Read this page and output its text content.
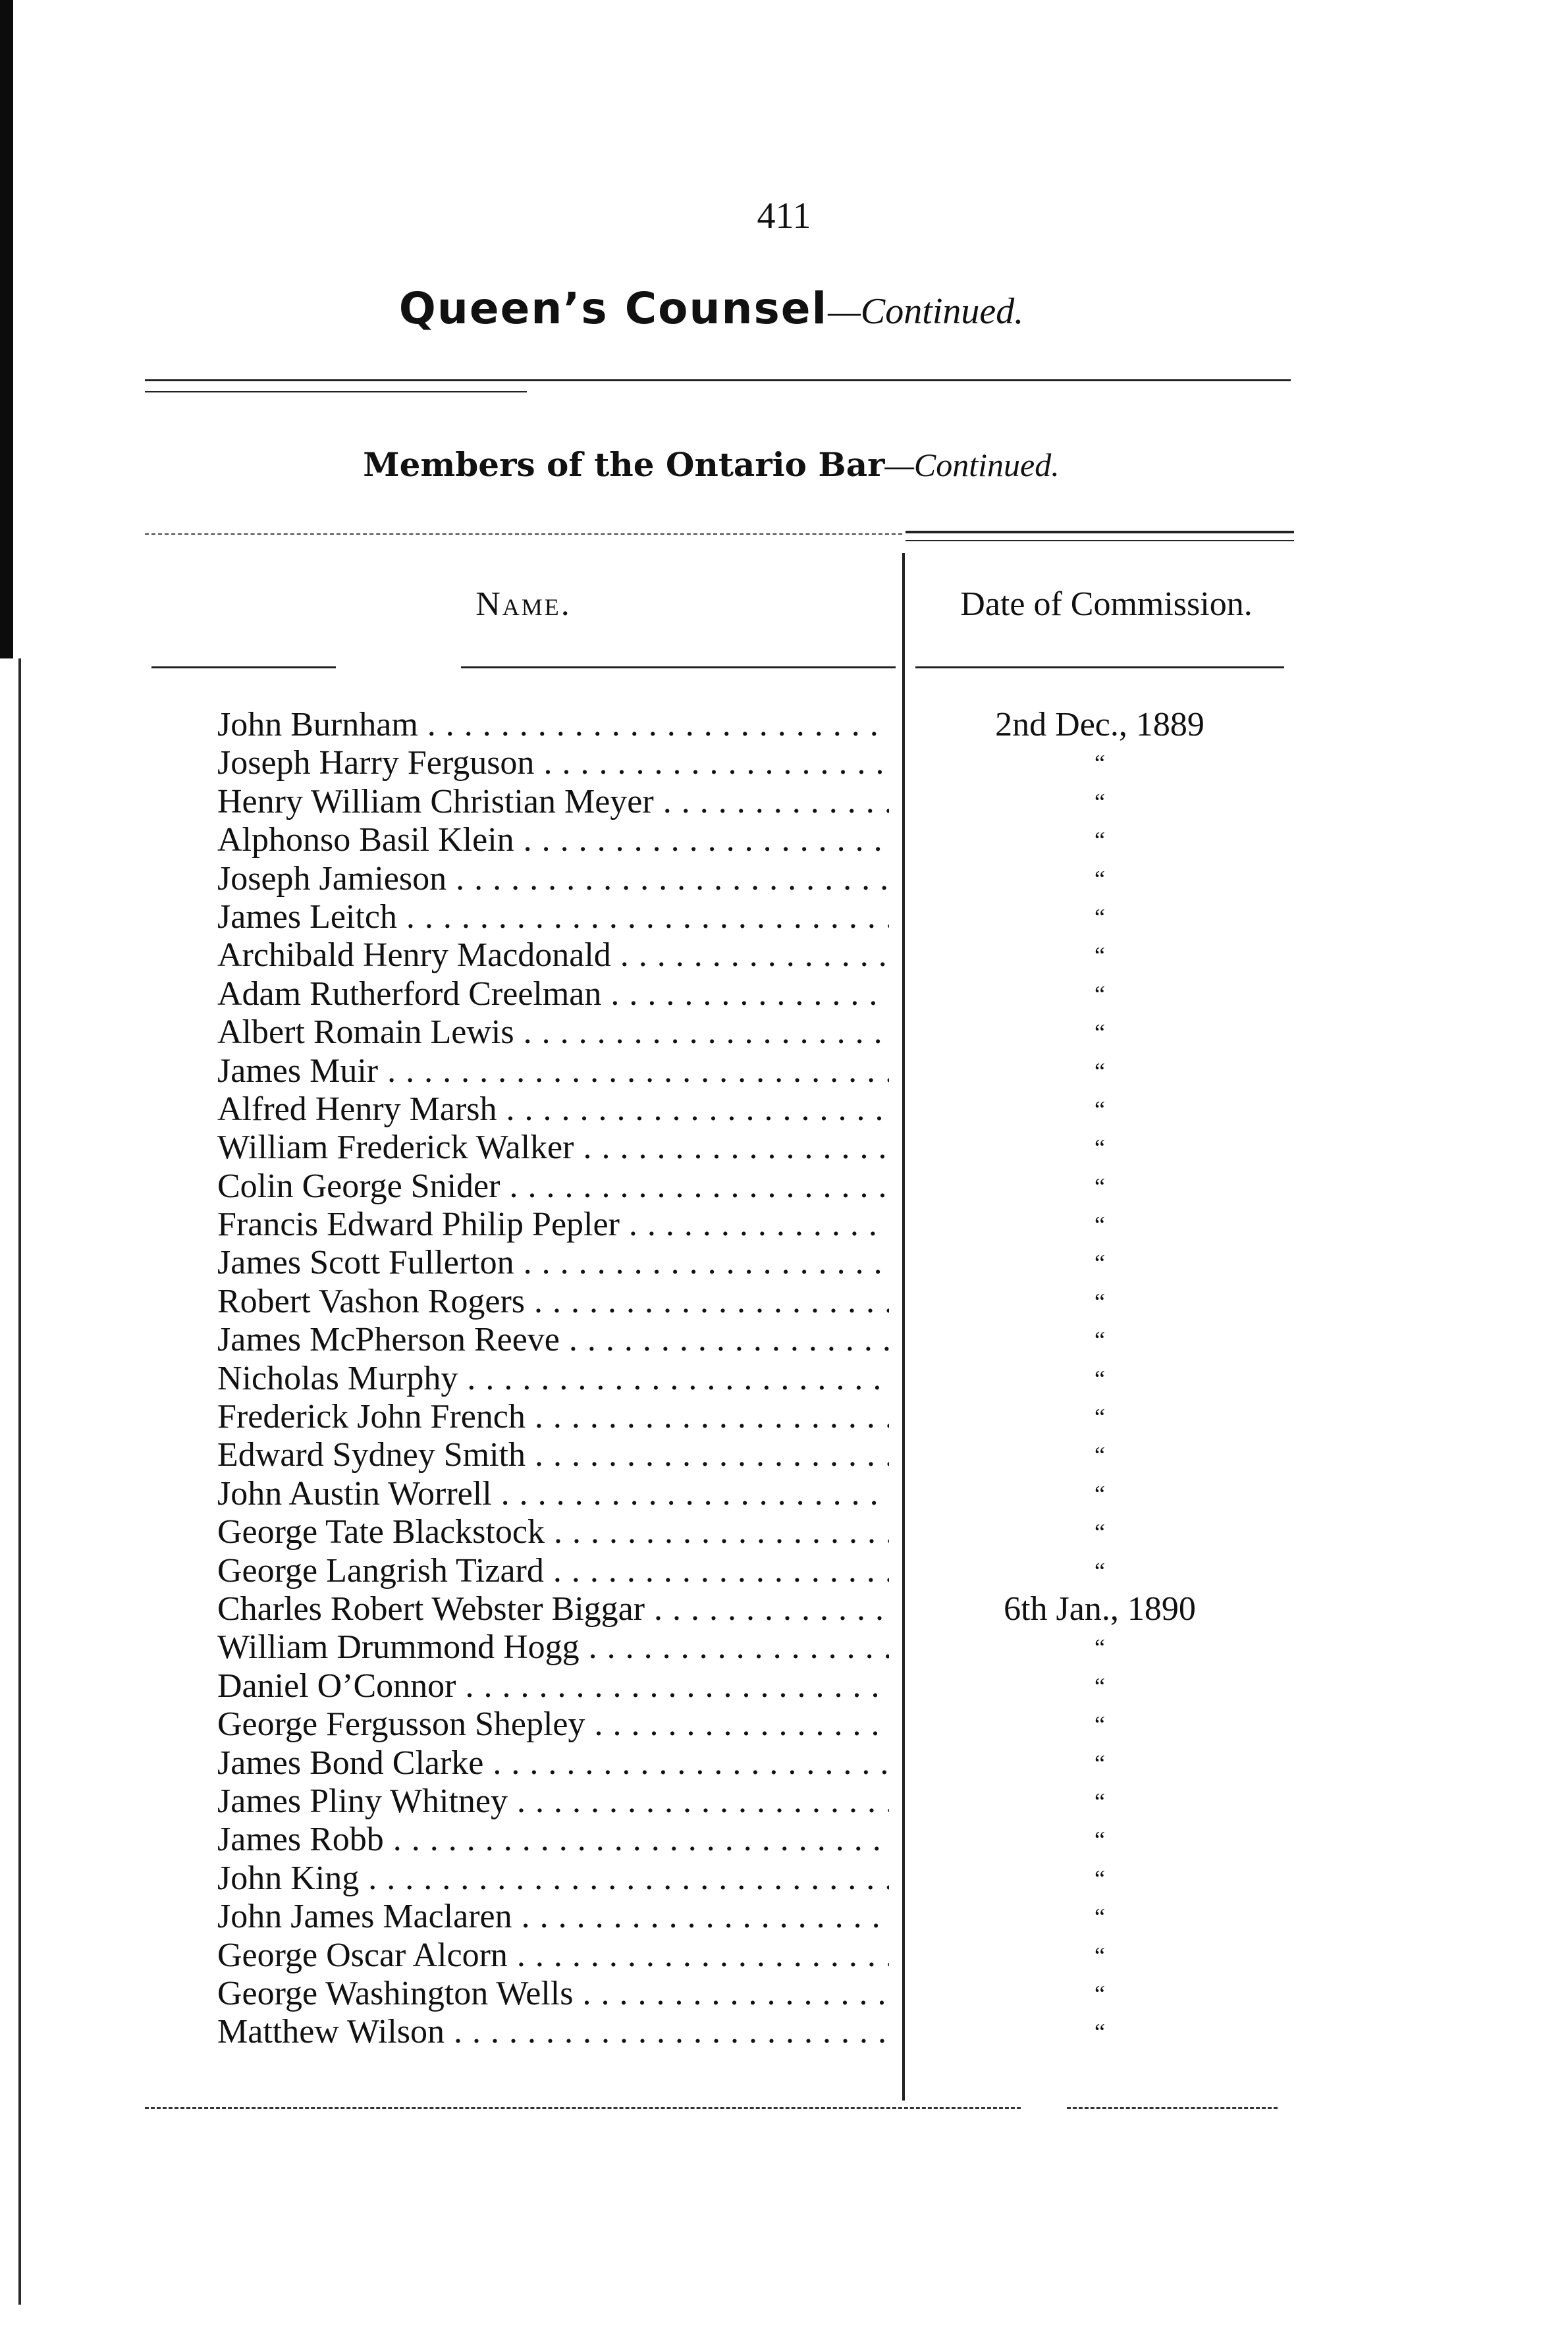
411
Queen’s Counsel—Continued.
Members of the Ontario Bar—Continued.
Name.	Date of Commission.
John Burnham . . .	2nd Dec., 1889
Joseph Harry Ferguson . . .	“
Henry William Christian Meyer . . .	“
Alphonso Basil Klein . . .	“
Joseph Jamieson . . .	“
James Leitch . . .	“
Archibald Henry Macdonald . . .	“
Adam Rutherford Creelman . . .	“
Albert Romain Lewis . . .	“
James Muir . . .	“
Alfred Henry Marsh . . .	“
William Frederick Walker . . .	“
Colin George Snider . . .	“
Francis Edward Philip Pepler . . .	“
James Scott Fullerton . . .	“
Robert Vashon Rogers . . .	“
James McPherson Reeve . . .	“
Nicholas Murphy . . .	“
Frederick John French . . .	“
Edward Sydney Smith . . .	“
John Austin Worrell . . .	“
George Tate Blackstock . . .	“
George Langrish Tizard . . .	“
Charles Robert Webster Biggar . . .	6th Jan., 1890
William Drummond Hogg . . .	“
Daniel O’Connor . . .	“
George Fergusson Shepley . . .	“
James Bond Clarke . . .	“
James Pliny Whitney . . .	“
James Robb . . .	“
John King . . .	“
John James Maclaren . . .	“
George Oscar Alcorn . . .	“
George Washington Wells . . .	“
Matthew Wilson . . .	“
